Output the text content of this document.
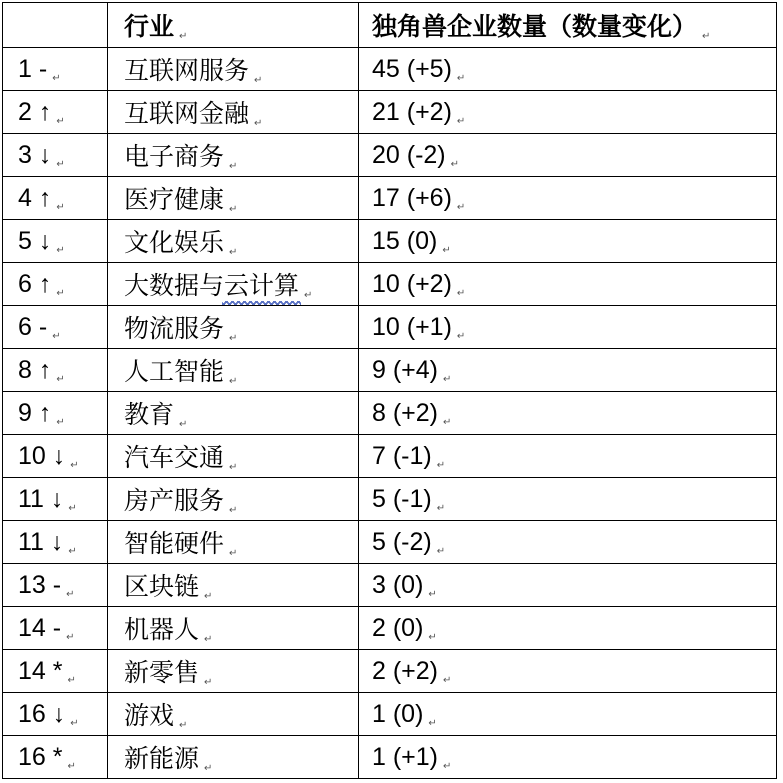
	行业 ↵	独角兽企业数量（数量变化） ↵
1 - ↵	互联网服务 ↵	45 (+5) ↵
2 ↑ ↵	互联网金融 ↵	21 (+2) ↵
3 ↓ ↵	电子商务 ↵	20 (-2) ↵
4 ↑ ↵	医疗健康 ↵	17 (+6) ↵
5 ↓ ↵	文化娱乐 ↵	15 (0) ↵
6 ↑ ↵	大数据与云计算 ↵	10 (+2) ↵
6 - ↵	物流服务 ↵	10 (+1) ↵
8 ↑ ↵	人工智能 ↵	9 (+4) ↵
9 ↑ ↵	教育 ↵	8 (+2) ↵
10 ↓ ↵	汽车交通 ↵	7 (-1) ↵
11 ↓ ↵	房产服务 ↵	5 (-1) ↵
11 ↓ ↵	智能硬件 ↵	5 (-2) ↵
13 - ↵	区块链 ↵	3 (0) ↵
14 - ↵	机器人 ↵	2 (0) ↵
14 * ↵	新零售 ↵	2 (+2) ↵
16 ↓ ↵	游戏 ↵	1 (0) ↵
16 * ↵	新能源 ↵	1 (+1) ↵
